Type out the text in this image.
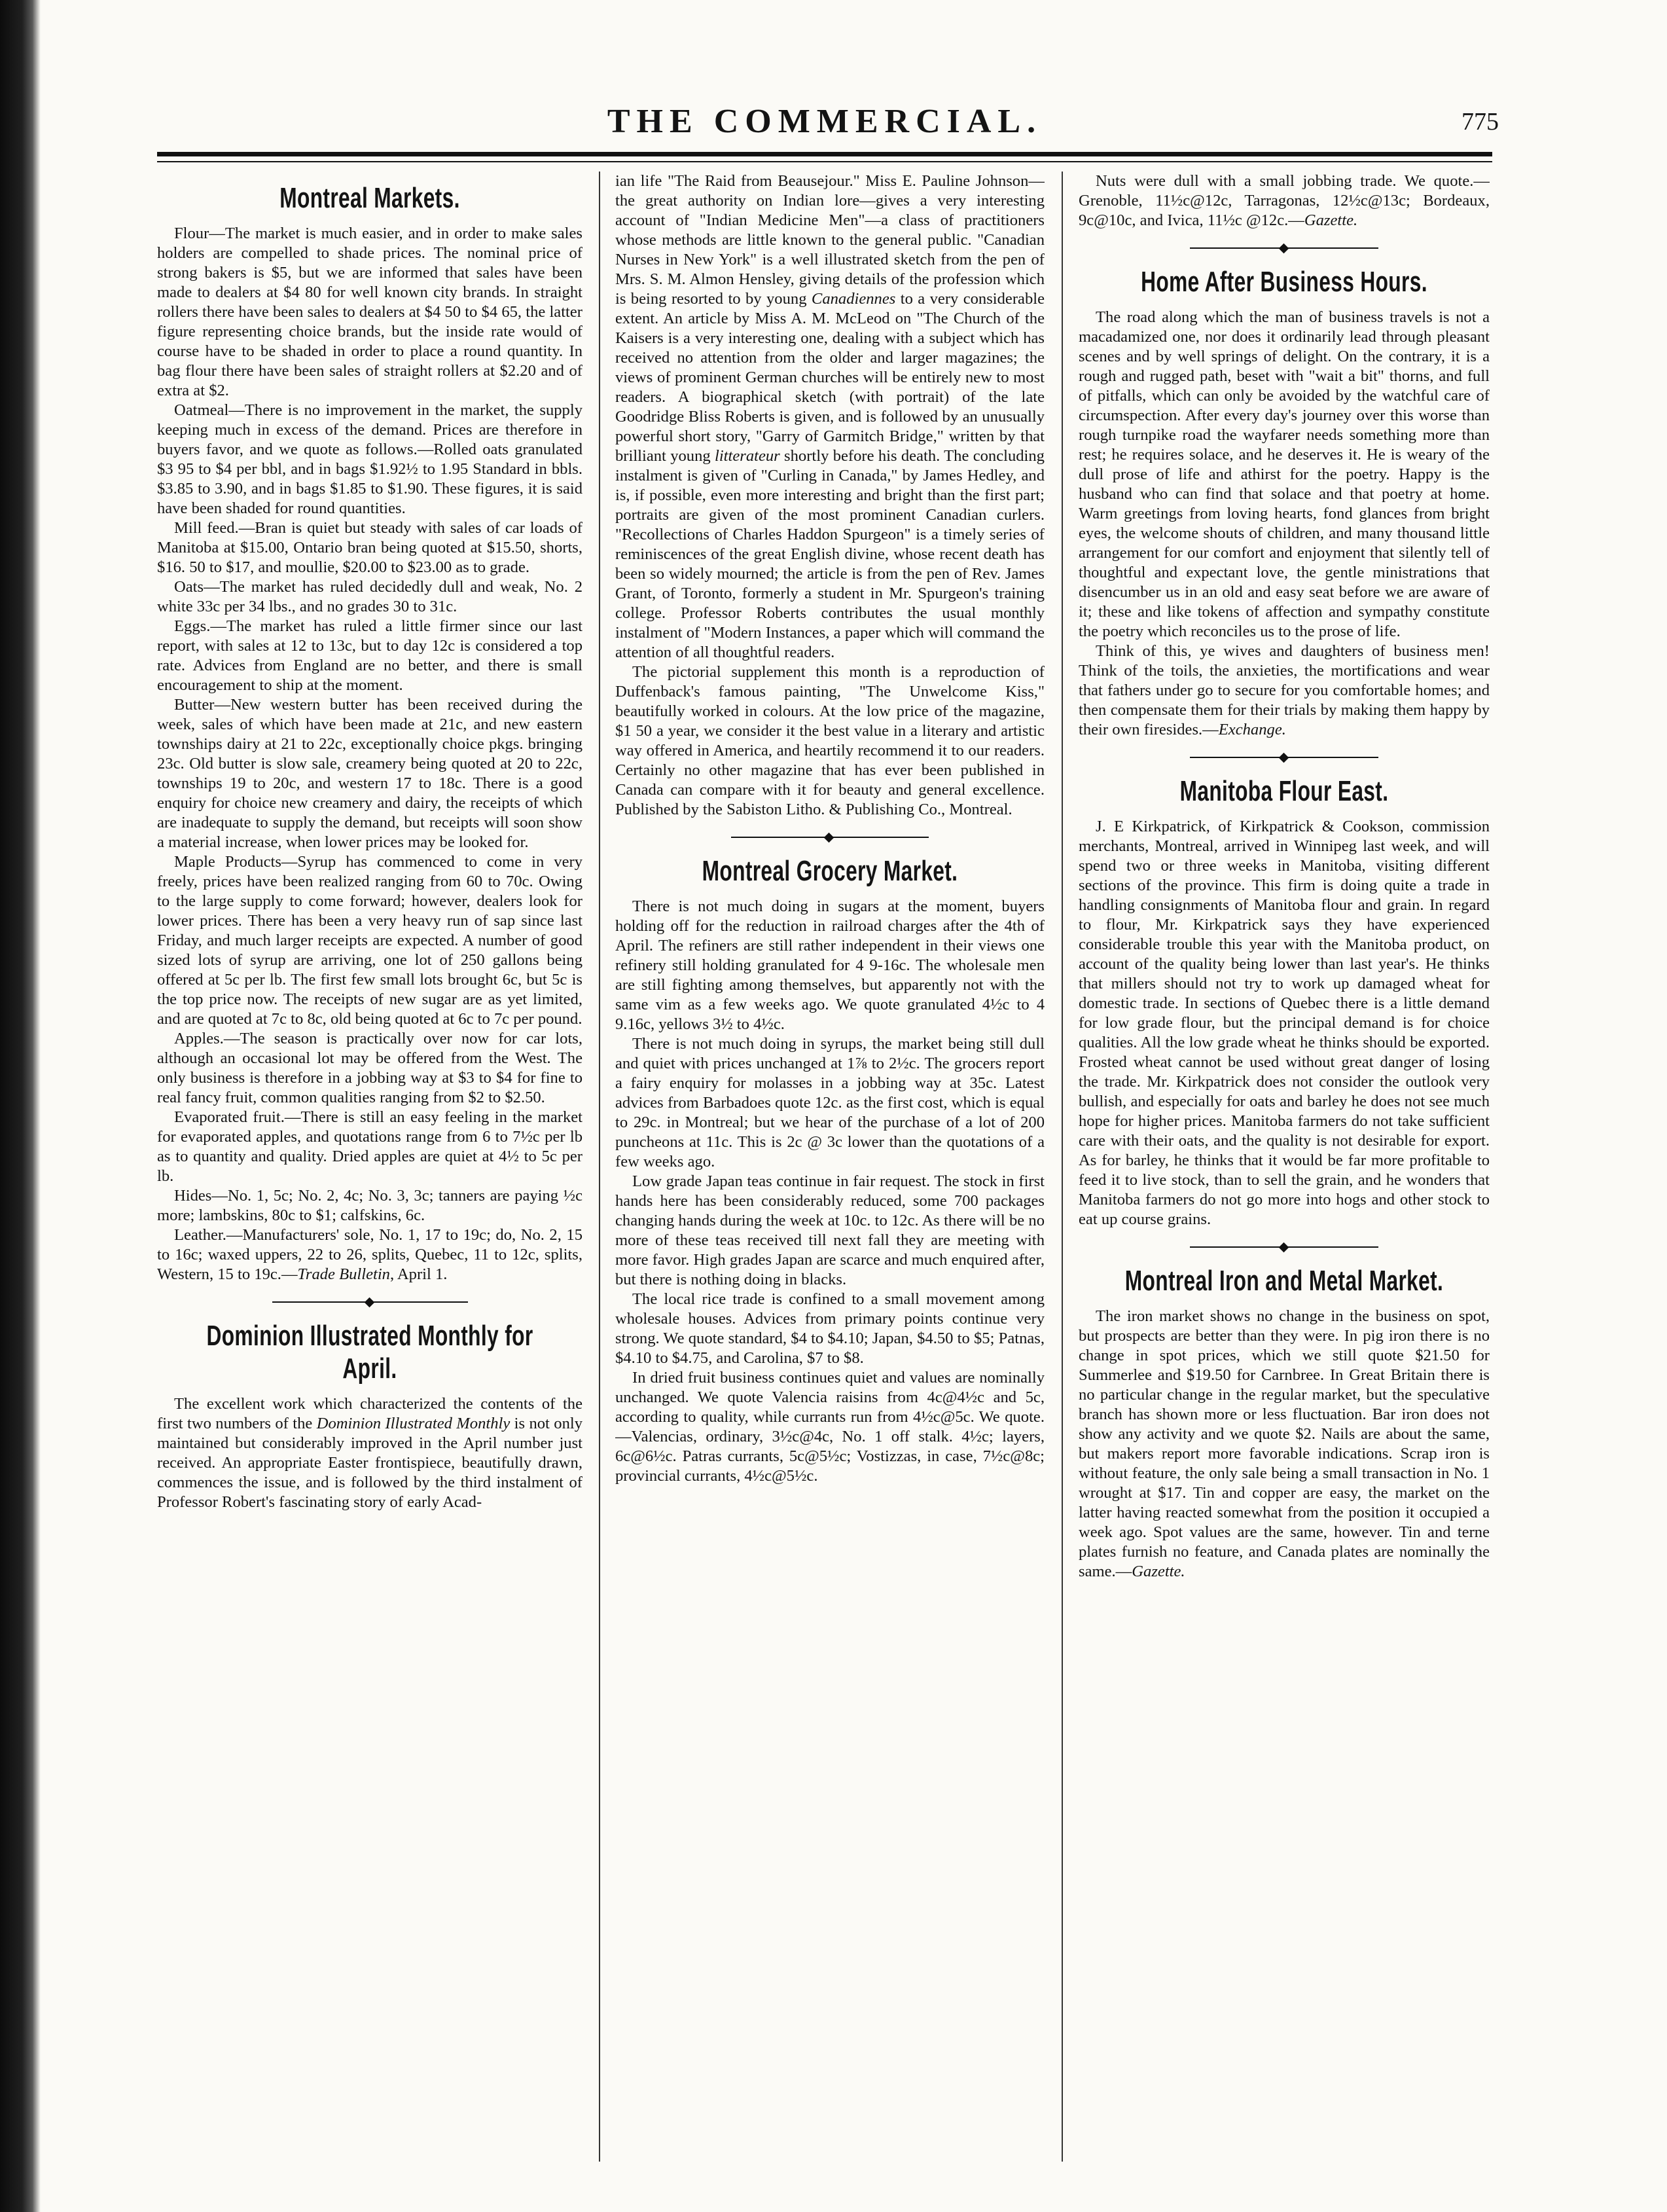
THE COMMERCIAL.	775
Montreal Markets.

Flour—The market is much easier, and in order to make sales holders are compelled to shade prices. The nominal price of strong bakers is $5, but we are informed that sales have been made to dealers at $4 80 for well known city brands. In straight rollers there have been sales to dealers at $4 50 to $4 65, the latter figure representing choice brands, but the inside rate would of course have to be shaded in order to place a round quantity. In bag flour there have been sales of straight rollers at $2.20 and of extra at $2.

Oatmeal—There is no improvement in the market, the supply keeping much in excess of the demand. Prices are therefore in buyers favor, and we quote as follows.—Rolled oats granulated $3 95 to $4 per bbl, and in bags $1.92½ to 1.95 Standard in bbls. $3.85 to 3.90, and in bags $1.85 to $1.90. These figures, it is said have been shaded for round quantities.

Mill feed.—Bran is quiet but steady with sales of car loads of Manitoba at $15.00, Ontario bran being quoted at $15.50, shorts, $16. 50 to $17, and moullie, $20.00 to $23.00 as to grade.

Oats—The market has ruled decidedly dull and weak, No. 2 white 33c per 34 lbs., and no grades 30 to 31c.

Eggs.—The market has ruled a little firmer since our last report, with sales at 12 to 13c, but to day 12c is considered a top rate. Advices from England are no better, and there is small encouragement to ship at the moment.

Butter—New western butter has been received during the week, sales of which have been made at 21c, and new eastern townships dairy at 21 to 22c, exceptionally choice pkgs. bringing 23c. Old butter is slow sale, creamery being quoted at 20 to 22c, townships 19 to 20c, and western 17 to 18c. There is a good enquiry for choice new creamery and dairy, the receipts of which are inadequate to supply the demand, but receipts will soon show a material increase, when lower prices may be looked for.

Maple Products—Syrup has commenced to come in very freely, prices have been realized ranging from 60 to 70c. Owing to the large supply to come forward; however, dealers look for lower prices. There has been a very heavy run of sap since last Friday, and much larger receipts are expected. A number of good sized lots of syrup are arriving, one lot of 250 gallons being offered at 5c per lb. The first few small lots brought 6c, but 5c is the top price now. The receipts of new sugar are as yet limited, and are quoted at 7c to 8c, old being quoted at 6c to 7c per pound.

Apples.—The season is practically over now for car lots, although an occasional lot may be offered from the West. The only business is therefore in a jobbing way at $3 to $4 for fine to real fancy fruit, common qualities ranging from $2 to $2.50.

Evaporated fruit.—There is still an easy feeling in the market for evaporated apples, and quotations range from 6 to 7½c per lb as to quantity and quality. Dried apples are quiet at 4½ to 5c per lb.

Hides—No. 1, 5c; No. 2, 4c; No. 3, 3c; tanners are paying ½c more; lambskins, 80c to $1; calfskins, 6c.

Leather.—Manufacturers' sole, No. 1, 17 to 19c; do, No. 2, 15 to 16c; waxed uppers, 22 to 26, splits, Quebec, 11 to 12c, splits, Western, 15 to 19c.—Trade Bulletin, April 1.

Dominion Illustrated Monthly for
April.

The excellent work which characterized the contents of the first two numbers of the Dominion Illustrated Monthly is not only maintained but considerably improved in the April number just received. An appropriate Easter frontispiece, beautifully drawn, commences the issue, and is followed by the third instalment of Professor Robert's fascinating story of early Acad-

ian life "The Raid from Beausejour." Miss E. Pauline Johnson—the great authority on Indian lore—gives a very interesting account of "Indian Medicine Men"—a class of practitioners whose methods are little known to the general public. "Canadian Nurses in New York" is a well illustrated sketch from the pen of Mrs. S. M. Almon Hensley, giving details of the profession which is being resorted to by young Canadiennes to a very considerable extent. An article by Miss A. M. McLeod on "The Church of the Kaisers is a very interesting one, dealing with a subject which has received no attention from the older and larger magazines; the views of prominent German churches will be entirely new to most readers. A biographical sketch (with portrait) of the late Goodridge Bliss Roberts is given, and is followed by an unusually powerful short story, "Garry of Garmitch Bridge," written by that brilliant young litterateur shortly before his death. The concluding instalment is given of "Curling in Canada," by James Hedley, and is, if possible, even more interesting and bright than the first part; portraits are given of the most prominent Canadian curlers. "Recollections of Charles Haddon Spurgeon" is a timely series of reminiscences of the great English divine, whose recent death has been so widely mourned; the article is from the pen of Rev. James Grant, of Toronto, formerly a student in Mr. Spurgeon's training college. Professor Roberts contributes the usual monthly instalment of "Modern Instances, a paper which will command the attention of all thoughtful readers.

The pictorial supplement this month is a reproduction of Duffenback's famous painting, "The Unwelcome Kiss," beautifully worked in colours. At the low price of the magazine, $1 50 a year, we consider it the best value in a literary and artistic way offered in America, and heartily recommend it to our readers. Certainly no other magazine that has ever been published in Canada can compare with it for beauty and general excellence. Published by the Sabiston Litho. & Publishing Co., Montreal.

Montreal Grocery Market.

There is not much doing in sugars at the moment, buyers holding off for the reduction in railroad charges after the 4th of April. The refiners are still rather independent in their views one refinery still holding granulated for 4 9-16c. The wholesale men are still fighting among themselves, but apparently not with the same vim as a few weeks ago. We quote granulated 4½c to 4 9.16c, yellows 3½ to 4½c.

There is not much doing in syrups, the market being still dull and quiet with prices unchanged at 1⅞ to 2½c. The grocers report a fairy enquiry for molasses in a jobbing way at 35c. Latest advices from Barbadoes quote 12c. as the first cost, which is equal to 29c. in Montreal; but we hear of the purchase of a lot of 200 puncheons at 11c. This is 2c @ 3c lower than the quotations of a few weeks ago.

Low grade Japan teas continue in fair request. The stock in first hands here has been considerably reduced, some 700 packages changing hands during the week at 10c. to 12c. As there will be no more of these teas received till next fall they are meeting with more favor. High grades Japan are scarce and much enquired after, but there is nothing doing in blacks.

The local rice trade is confined to a small movement among wholesale houses. Advices from primary points continue very strong. We quote standard, $4 to $4.10; Japan, $4.50 to $5; Patnas, $4.10 to $4.75, and Carolina, $7 to $8.

In dried fruit business continues quiet and values are nominally unchanged. We quote Valencia raisins from 4c@4½c and 5c, according to quality, while currants run from 4½c@5c. We quote.—Valencias, ordinary, 3½c@4c, No. 1 off stalk. 4½c; layers, 6c@6½c. Patras currants, 5c@5½c; Vostizzas, in case, 7½c@8c; provincial currants, 4½c@5½c.

Nuts were dull with a small jobbing trade. We quote.—Grenoble, 11½c@12c, Tarragonas, 12½c@13c; Bordeaux, 9c@10c, and Ivica, 11½c @12c.—Gazette.

Home After Business Hours.

The road along which the man of business travels is not a macadamized one, nor does it ordinarily lead through pleasant scenes and by well springs of delight. On the contrary, it is a rough and rugged path, beset with "wait a bit" thorns, and full of pitfalls, which can only be avoided by the watchful care of circumspection. After every day's journey over this worse than rough turnpike road the wayfarer needs something more than rest; he requires solace, and he deserves it. He is weary of the dull prose of life and athirst for the poetry. Happy is the husband who can find that solace and that poetry at home. Warm greetings from loving hearts, fond glances from bright eyes, the welcome shouts of children, and many thousand little arrangement for our comfort and enjoyment that silently tell of thoughtful and expectant love, the gentle ministrations that disencumber us in an old and easy seat before we are aware of it; these and like tokens of affection and sympathy constitute the poetry which reconciles us to the prose of life.

Think of this, ye wives and daughters of business men! Think of the toils, the anxieties, the mortifications and wear that fathers under go to secure for you comfortable homes; and then compensate them for their trials by making them happy by their own firesides.—Exchange.

Manitoba Flour East.

J. E Kirkpatrick, of Kirkpatrick & Cookson, commission merchants, Montreal, arrived in Winnipeg last week, and will spend two or three weeks in Manitoba, visiting different sections of the province. This firm is doing quite a trade in handling consignments of Manitoba flour and grain. In regard to flour, Mr. Kirkpatrick says they have experienced considerable trouble this year with the Manitoba product, on account of the quality being lower than last year's. He thinks that millers should not try to work up damaged wheat for domestic trade. In sections of Quebec there is a little demand for low grade flour, but the principal demand is for choice qualities. All the low grade wheat he thinks should be exported. Frosted wheat cannot be used without great danger of losing the trade. Mr. Kirkpatrick does not consider the outlook very bullish, and especially for oats and barley he does not see much hope for higher prices. Manitoba farmers do not take sufficient care with their oats, and the quality is not desirable for export. As for barley, he thinks that it would be far more profitable to feed it to live stock, than to sell the grain, and he wonders that Manitoba farmers do not go more into hogs and other stock to eat up course grains.

Montreal Iron and Metal Market.

The iron market shows no change in the business on spot, but prospects are better than they were. In pig iron there is no change in spot prices, which we still quote $21.50 for Summerlee and $19.50 for Carnbree. In Great Britain there is no particular change in the regular market, but the speculative branch has shown more or less fluctuation. Bar iron does not show any activity and we quote $2. Nails are about the same, but makers report more favorable indications. Scrap iron is without feature, the only sale being a small transaction in No. 1 wrought at $17. Tin and copper are easy, the market on the latter having reacted somewhat from the position it occupied a week ago. Spot values are the same, however. Tin and terne plates furnish no feature, and Canada plates are nominally the same.—Gazette.
